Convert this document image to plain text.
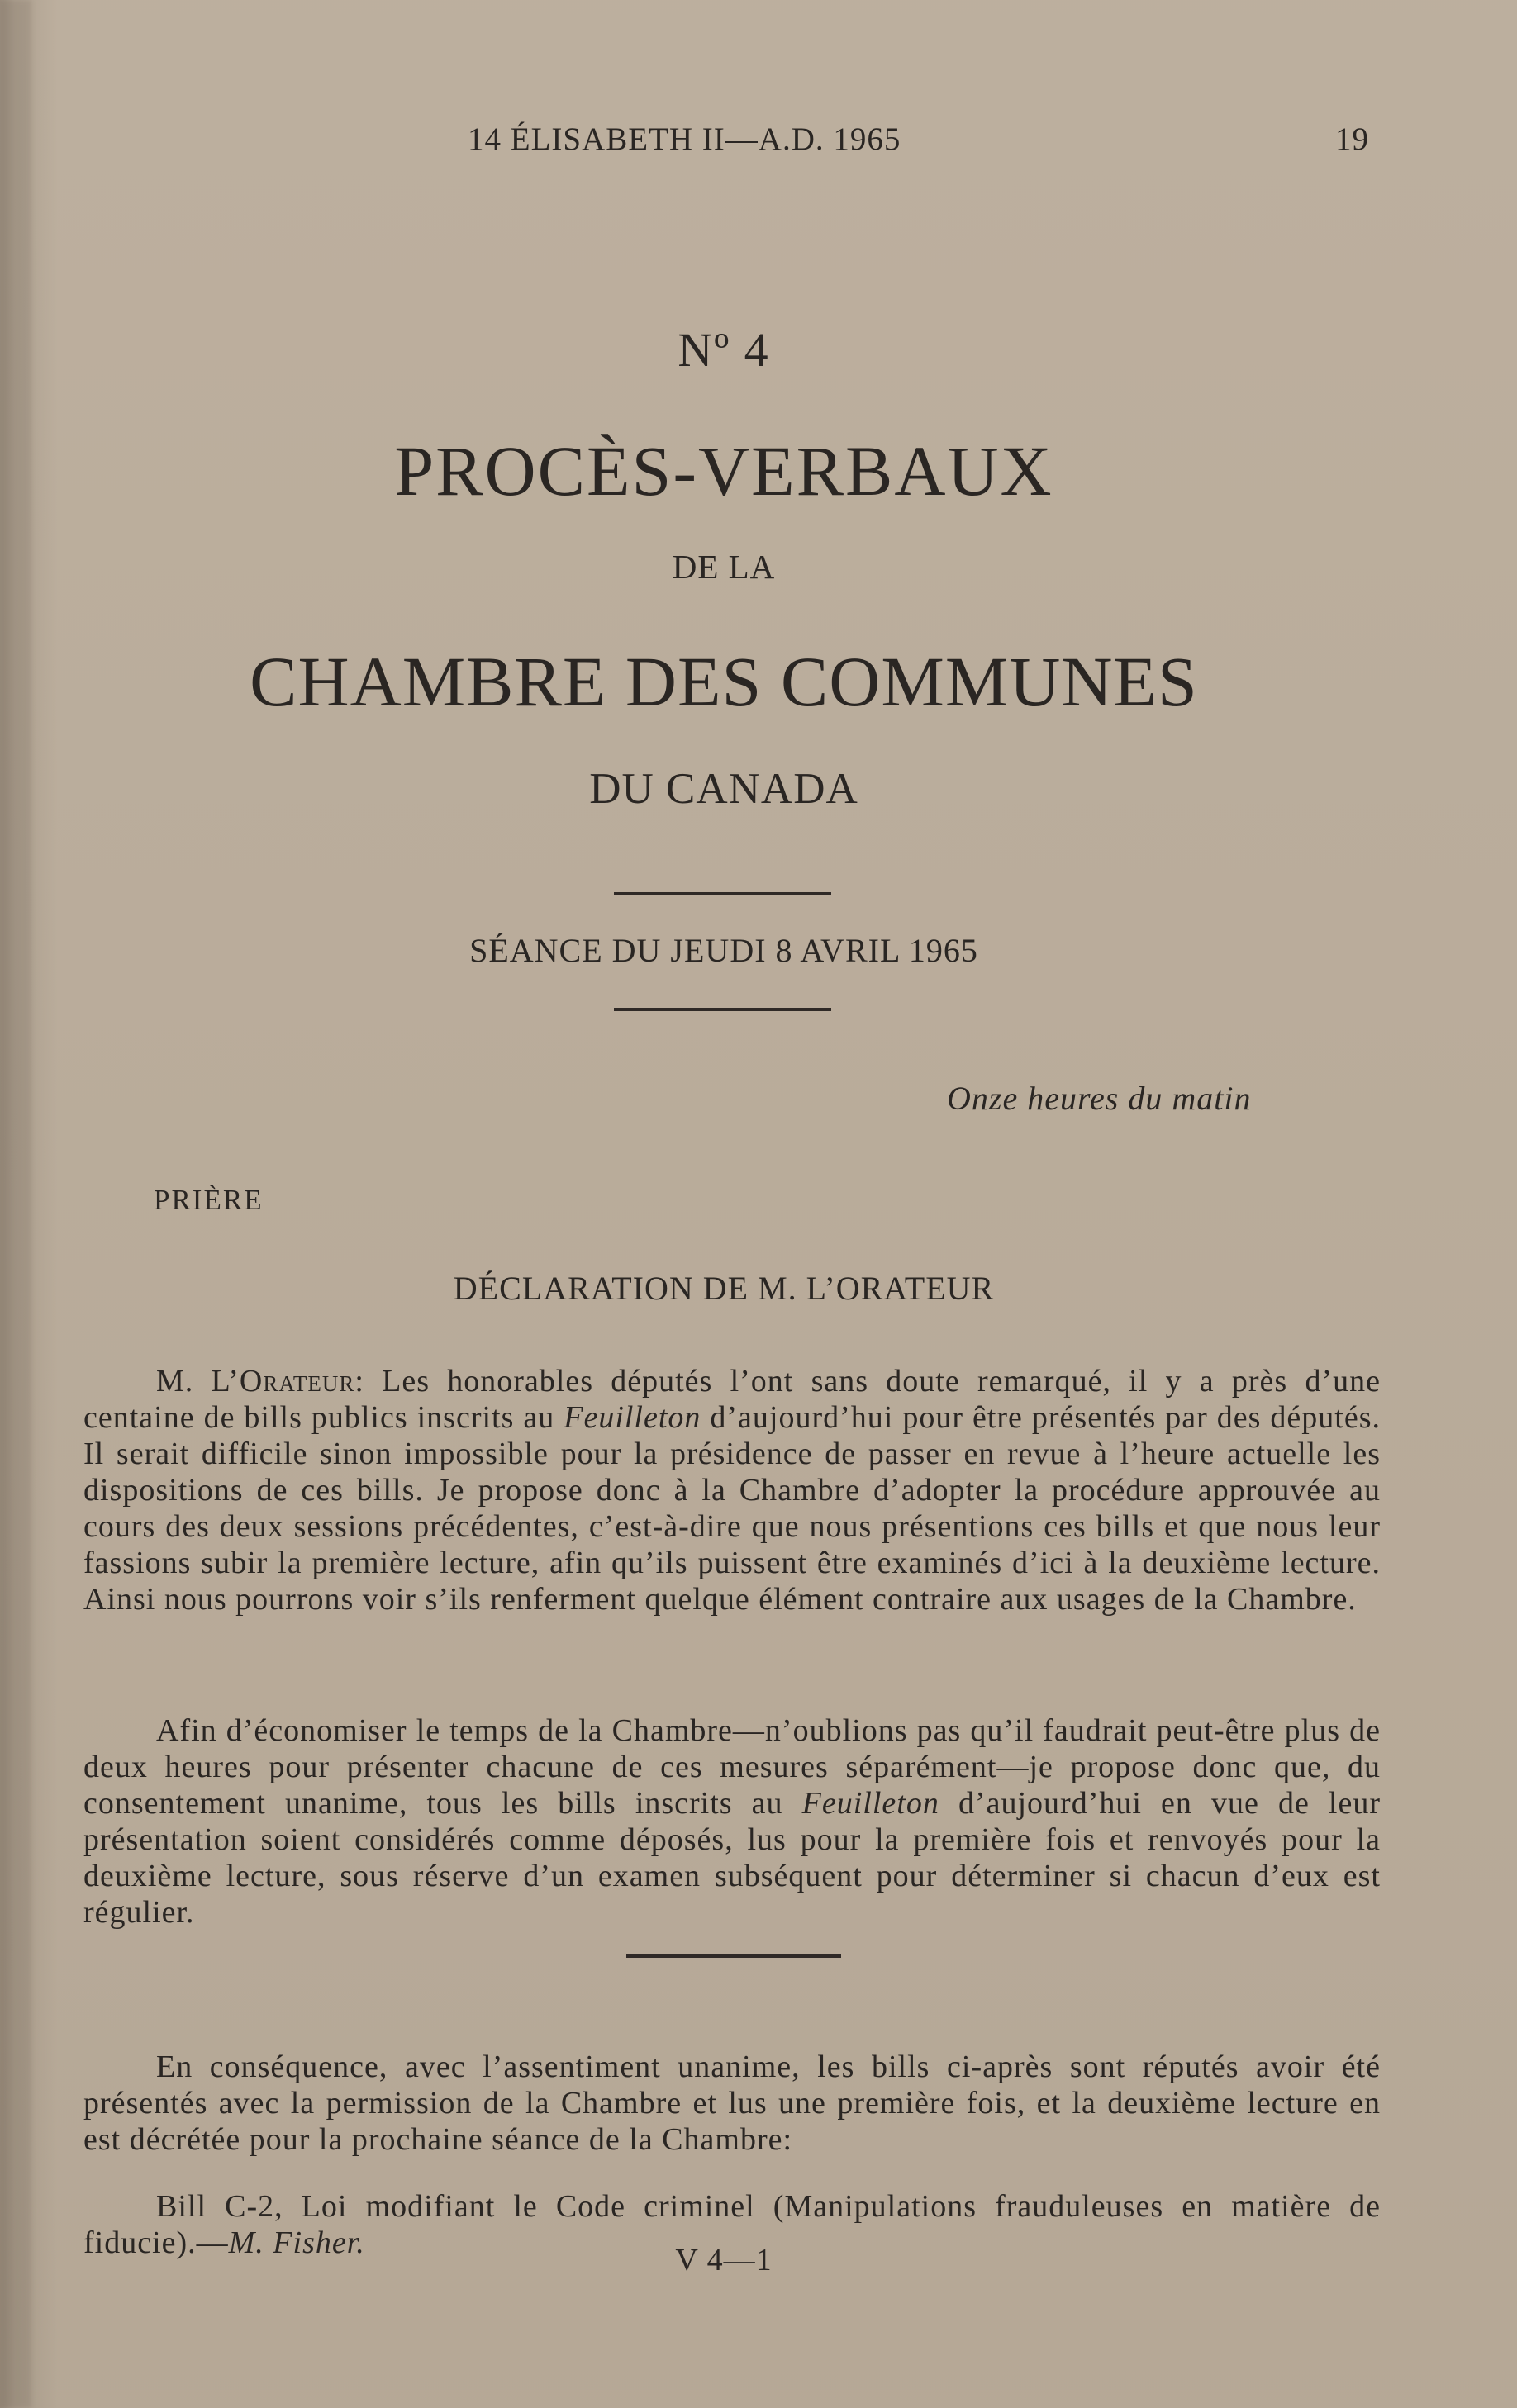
14 ÉLISABETH II—A.D. 1965	19
Nº 4
PROCÈS-VERBAUX
DE LA
CHAMBRE DES COMMUNES
DU CANADA
SÉANCE DU JEUDI 8 AVRIL 1965
Onze heures du matin
PRIÈRE
DÉCLARATION DE M. L’ORATEUR

M. L’Orateur: Les honorables députés l’ont sans doute remarqué, il y a près d’une centaine de bills publics inscrits au Feuilleton d’aujourd’hui pour être présentés par des députés. Il serait difficile sinon impossible pour la présidence de passer en revue à l’heure actuelle les dispositions de ces bills. Je propose donc à la Chambre d’adopter la procédure approuvée au cours des deux sessions précédentes, c’est-à-dire que nous présentions ces bills et que nous leur fassions subir la première lecture, afin qu’ils puissent être examinés d’ici à la deuxième lecture. Ainsi nous pourrons voir s’ils renferment quelque élément contraire aux usages de la Chambre.

Afin d’économiser le temps de la Chambre—n’oublions pas qu’il faudrait peut-être plus de deux heures pour présenter chacune de ces mesures séparément—je propose donc que, du consentement unanime, tous les bills inscrits au Feuilleton d’aujourd’hui en vue de leur présentation soient considérés comme déposés, lus pour la première fois et renvoyés pour la deuxième lecture, sous réserve d’un examen subséquent pour déterminer si chacun d’eux est régulier.

En conséquence, avec l’assentiment unanime, les bills ci-après sont réputés avoir été présentés avec la permission de la Chambre et lus une première fois, et la deuxième lecture en est décrétée pour la prochaine séance de la Chambre:

Bill C-2, Loi modifiant le Code criminel (Manipulations frauduleuses en matière de fiducie).—M. Fisher.	V 4—1
